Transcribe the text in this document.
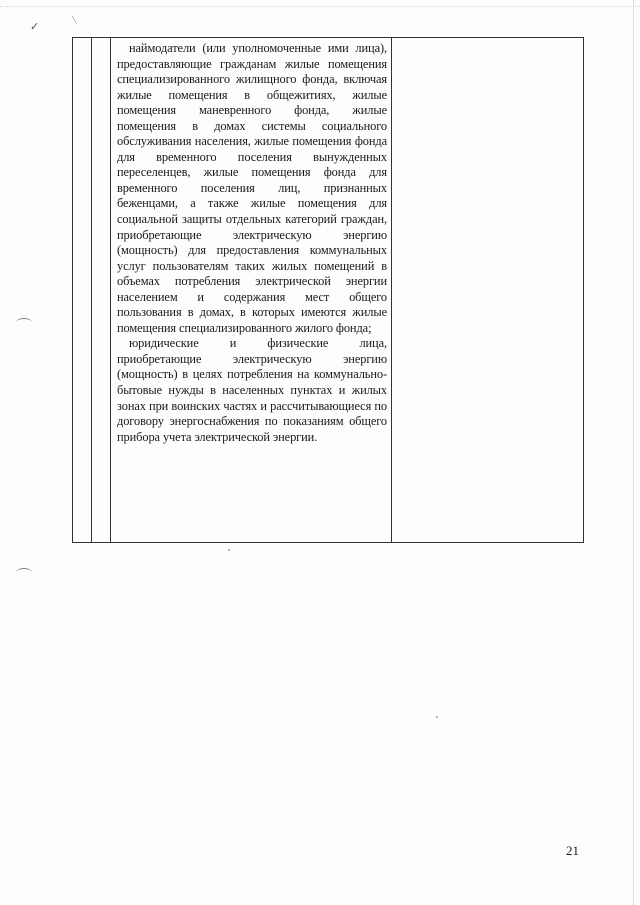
✓	╲

наймодатели (или уполномоченные ими лица), предоставляющие гражданам жилые помещения специализированного жилищного фонда, включая жилые помещения в общежитиях, жилые помещения маневренного фонда, жилые помещения в домах системы социального обслуживания населения, жилые помещения фонда для временного поселения вынужденных переселенцев, жилые помещения фонда для временного поселения лиц, признанных беженцами, а также жилые помещения для социальной защиты отдельных категорий граждан, приобретающие электрическую энергию (мощность) для предоставления коммунальных услуг пользователям таких жилых помещений в объемах потребления электрической энергии населением и содержания мест общего пользования в домах, в которых имеются жилые помещения специализированного жилого фонда;

юридические и физические лица, приобретающие электрическую энергию (мощность) в целях потребления на коммунально-бытовые нужды в населенных пунктах и жилых зонах при воинских частях и рассчитывающиеся по договору энергоснабжения по показаниям общего прибора учета электрической энергии.

21
